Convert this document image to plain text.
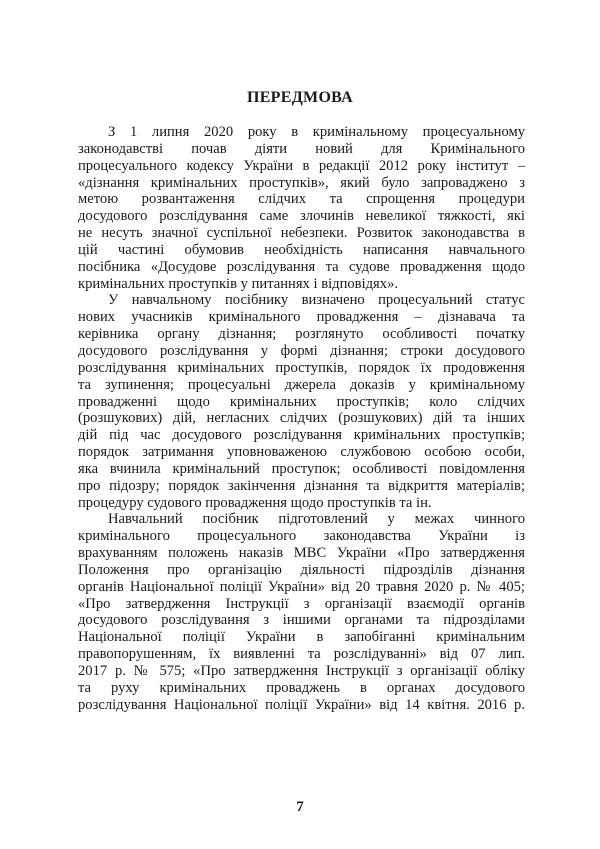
ПЕРЕДМОВА
З 1 липня 2020 року в кримінальному процесуальному
законодавстві почав діяти новий для Кримінального
процесуального кодексу України в редакції 2012 року інститут –
«дізнання кримінальних проступків», який було запроваджено з
метою розвантаження слідчих та спрощення процедури
досудового розслідування саме злочинів невеликої тяжкості, які
не несуть значної суспільної небезпеки. Розвиток законодавства в
цій частині обумовив необхідність написання навчального
посібника «Досудове розслідування та судове провадження щодо
кримінальних проступків у питаннях і відповідях».
У навчальному посібнику визначено процесуальний статус
нових учасників кримінального провадження – дізнавача та
керівника органу дізнання; розглянуто особливості початку
досудового розслідування у формі дізнання; строки досудового
розслідування кримінальних проступків, порядок їх продовження
та зупинення; процесуальні джерела доказів у кримінальному
провадженні щодо кримінальних проступків; коло слідчих
(розшукових) дій, негласних слідчих (розшукових) дій та інших
дій під час досудового розслідування кримінальних проступків;
порядок затримання уповноваженою службовою особою особи,
яка вчинила кримінальний проступок; особливості повідомлення
про підозру; порядок закінчення дізнання та відкриття матеріалів;
процедуру судового провадження щодо проступків та ін.
Навчальний посібник підготовлений у межах чинного
кримінального процесуального законодавства України із
врахуванням положень наказів МВС України «Про затвердження
Положення про організацію діяльності підрозділів дізнання
органів Національної поліції України» від 20 травня 2020 р. № 405;
«Про затвердження Інструкції з організації взаємодії органів
досудового розслідування з іншими органами та підрозділами
Національної поліції України в запобіганні кримінальним
правопорушенням, їх виявленні та розслідуванні» від 07 лип.
2017 р. № 575; «Про затвердження Інструкції з організації обліку
та руху кримінальних проваджень в органах досудового
розслідування Національної поліції України» від 14 квітня. 2016 р.
7
